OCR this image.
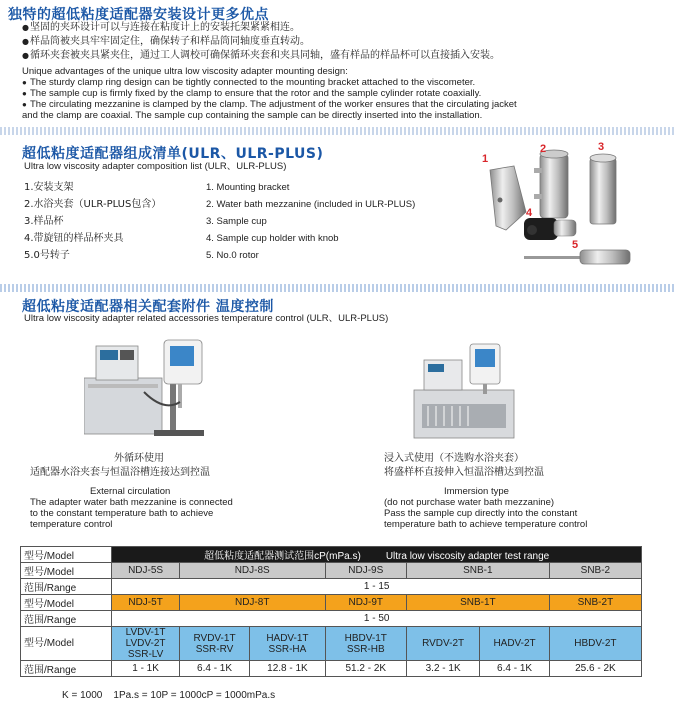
独特的超低粘度适配器安装设计更多优点
● 坚固的夹环设计可以与连接在粘度计上的安装托架紧紧相连。
● 样品筒被夹具牢牢固定住，确保转子和样品筒同轴度垂直转动。
● 循环夹套被夹具紧夹住，通过工人调校可确保循环夹套和夹具同轴，盛有样品的样品杯可以直接插入安装。
Unique advantages of the unique ultra low viscosity adapter mounting design:
● The sturdy clamp ring design can be tightly connected to the mounting bracket attached to the viscometer.
● The sample cup is firmly fixed by the clamp to ensure that the rotor and the sample cylinder rotate coaxially.
● The circulating mezzanine is clamped by the clamp. The adjustment of the worker ensures that the circulating jacket
and the clamp are coaxial. The sample cup containing the sample can be directly inserted into the installation.
超低粘度适配器组成清单(ULR、ULR-PLUS)
Ultra low viscosity adapter composition list (ULR、ULR-PLUS)
1.安装支架
2.水浴夹套（ULR-PLUS包含）
3.样品杯
4.带旋钮的样品杯夹具
5.0号转子
1. Mounting bracket
2. Water bath mezzanine (included in ULR-PLUS)
3. Sample cup
4. Sample cup holder with knob
5. No.0 rotor
1
2	3
4
5
超低粘度适配器相关配套附件 温度控制
Ultra low viscosity adapter related accessories temperature control (ULR、ULR-PLUS)
外循环使用
适配器水浴夹套与恒温浴槽连接达到控温
External circulation
The adapter water bath mezzanine is connected
to the constant temperature bath to achieve
temperature control
浸入式使用（不选购水浴夹套）
将盛样杯直接伸入恒温浴槽达到控温
Immersion type
(do not purchase water bath mezzanine)
Pass the sample cup directly into the constant
temperature bath to achieve temperature control
型号/Model	超低粘度适配器测试范围cP(mPa.s) Ultra low viscosity adapter test range						
型号/Model	NDJ-5S	NDJ-8S		NDJ-9S	SNB-1		SNB-2
范围/Range	1 - 15						
型号/Model	NDJ-5T	NDJ-8T		NDJ-9T	SNB-1T		SNB-2T
范围/Range	1 - 50						
型号/Model	LVDV-1T
LVDV-2T
SSR-LV	RVDV-1T
SSR-RV	HADV-1T
SSR-HA	HBDV-1T
SSR-HB	RVDV-2T	HADV-2T	HBDV-2T
范围/Range	1 - 1K	6.4 - 1K	12.8 - 1K	51.2 - 2K	3.2 - 1K	6.4 - 1K	25.6 - 2K
K = 1000    1Pa.s = 10P = 1000cP = 1000mPa.s
